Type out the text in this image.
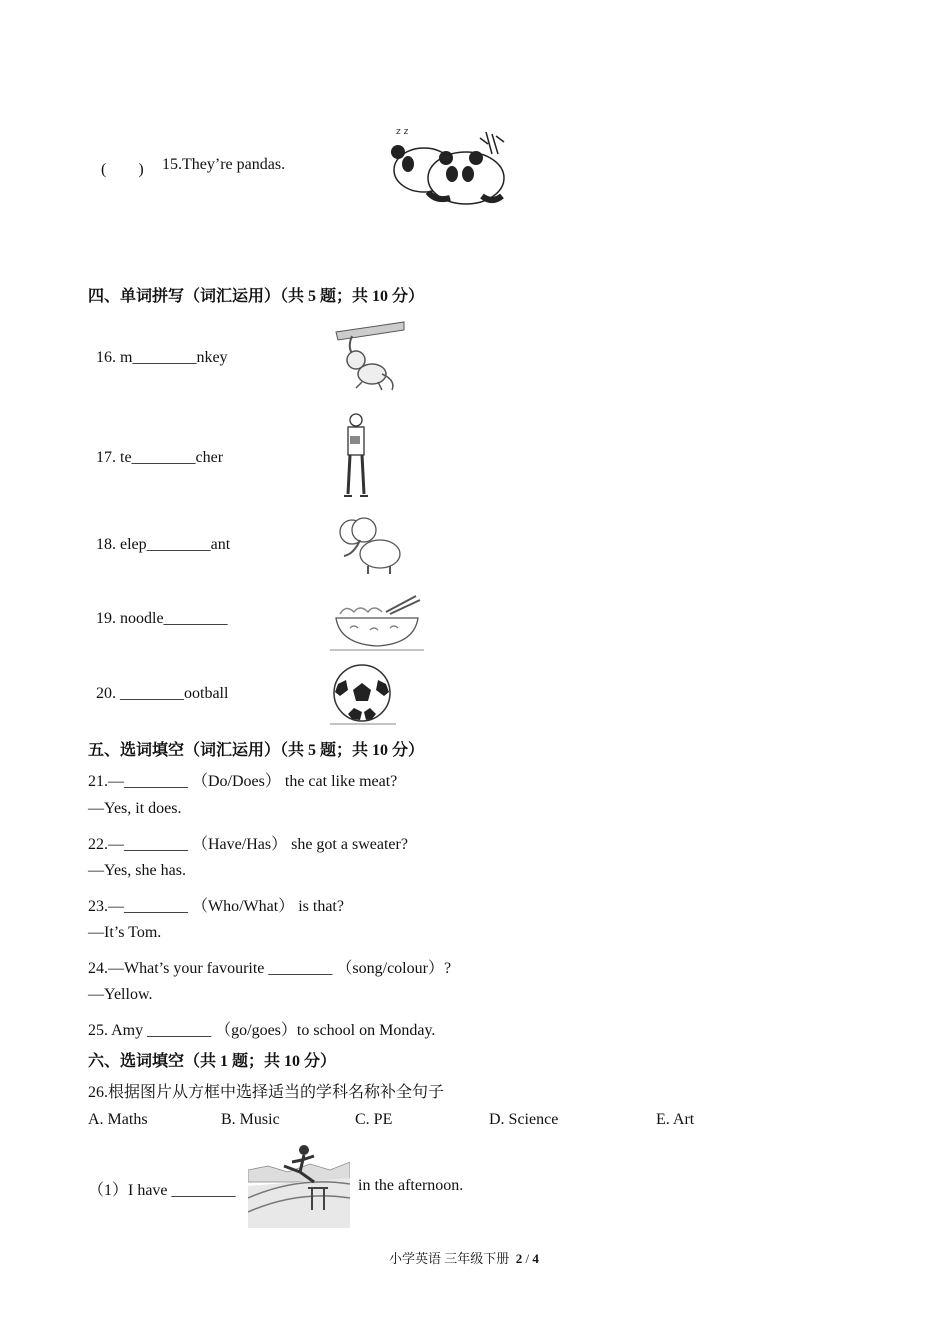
(　　) 15.They’re pandas.
z z
四、单词拼写（词汇运用）（共 5 题；共 10 分）
16. m________nkey
17. te________cher
18. elep________ant
19. noodle________
20. ________ootball
五、选词填空（词汇运用）（共 5 题；共 10 分）
21.—________ （Do/Does） the cat like meat?
—Yes, it does.
22.—________ （Have/Has） she got a sweater?
—Yes, she has.
23.—________ （Who/What） is that?
—It’s Tom.
24.—What’s your favourite ________ （song/colour）?
—Yellow.
25. Amy ________ （go/goes）to school on Monday.
六、选词填空（共 1 题；共 10 分）
26.根据图片从方框中选择适当的学科名称补全句子
A. Maths	B. Music	C. PE	D. Science	E. Art
（1）I have ________	in the afternoon.
小学英语 三年级下册 2 / 4
